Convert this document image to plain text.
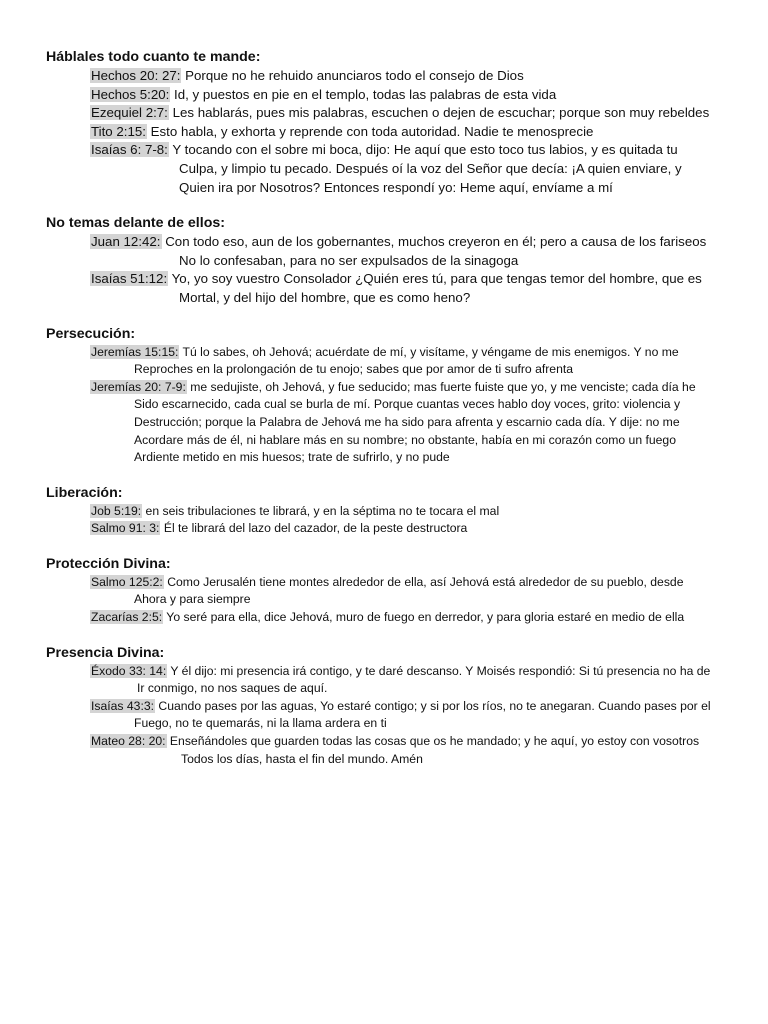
Háblales todo cuanto te mande:
Hechos 20: 27: Porque no he rehuido anunciaros todo el consejo de Dios
Hechos 5:20: Id, y puestos en pie en el templo, todas las palabras de esta vida
Ezequiel 2:7: Les hablarás, pues mis palabras, escuchen o dejen de escuchar; porque son muy rebeldes
Tito 2:15: Esto habla, y exhorta y reprende con toda autoridad. Nadie te menosprecie
Isaías 6: 7-8: Y tocando con el sobre mi boca, dijo: He aquí que esto toco tus labios, y es quitada tu
Culpa, y limpio tu pecado. Después oí la voz del Señor que decía: ¡A quien enviare, y
Quien ira por Nosotros? Entonces respondí yo: Heme aquí, envíame a mí
No temas delante de ellos:
Juan 12:42: Con todo eso, aun de los gobernantes, muchos creyeron en él; pero a causa de los fariseos
No lo confesaban, para no ser expulsados de la sinagoga
Isaías 51:12: Yo, yo soy vuestro Consolador ¿Quién eres tú, para que tengas temor del hombre, que es
Mortal, y del hijo del hombre, que es como heno?
Persecución:
Jeremías 15:15: Tú lo sabes, oh Jehová; acuérdate de mí, y visítame, y véngame de mis enemigos. Y no me
Reproches en la prolongación de tu enojo; sabes que por amor de ti sufro afrenta
Jeremías 20: 7-9: me sedujiste, oh Jehová, y fue seducido; mas fuerte fuiste que yo, y me venciste; cada día he
Sido escarnecido, cada cual se burla de mí. Porque cuantas veces hablo doy voces, grito: violencia y
Destrucción; porque la Palabra de Jehová me ha sido para afrenta y escarnio cada día. Y dije: no me
Acordare más de él, ni hablare más en su nombre; no obstante, había en mi corazón como un fuego
Ardiente metido en mis huesos; trate de sufrirlo, y no pude
Liberación:
Job 5:19: en seis tribulaciones te librará, y en la séptima no te tocara el mal
Salmo 91: 3: Él te librará del lazo del cazador, de la peste destructora
Protección Divina:
Salmo 125:2: Como Jerusalén tiene montes alrededor de ella, así Jehová está alrededor de su pueblo, desde
Ahora y para siempre
Zacarías 2:5: Yo seré para ella, dice Jehová, muro de fuego en derredor, y para gloria estaré en medio de ella
Presencia Divina:
Éxodo 33: 14: Y él dijo: mi presencia irá contigo, y te daré descanso. Y Moisés respondió: Si tú presencia no ha de
Ir conmigo, no nos saques de aquí.
Isaías 43:3: Cuando pases por las aguas, Yo estaré contigo; y si por los ríos, no te anegaran. Cuando pases por el
Fuego, no te quemarás, ni la llama ardera en ti
Mateo 28: 20: Enseñándoles que guarden todas las cosas que os he mandado; y he aquí, yo estoy con vosotros
Todos los días, hasta el fin del mundo. Amén
